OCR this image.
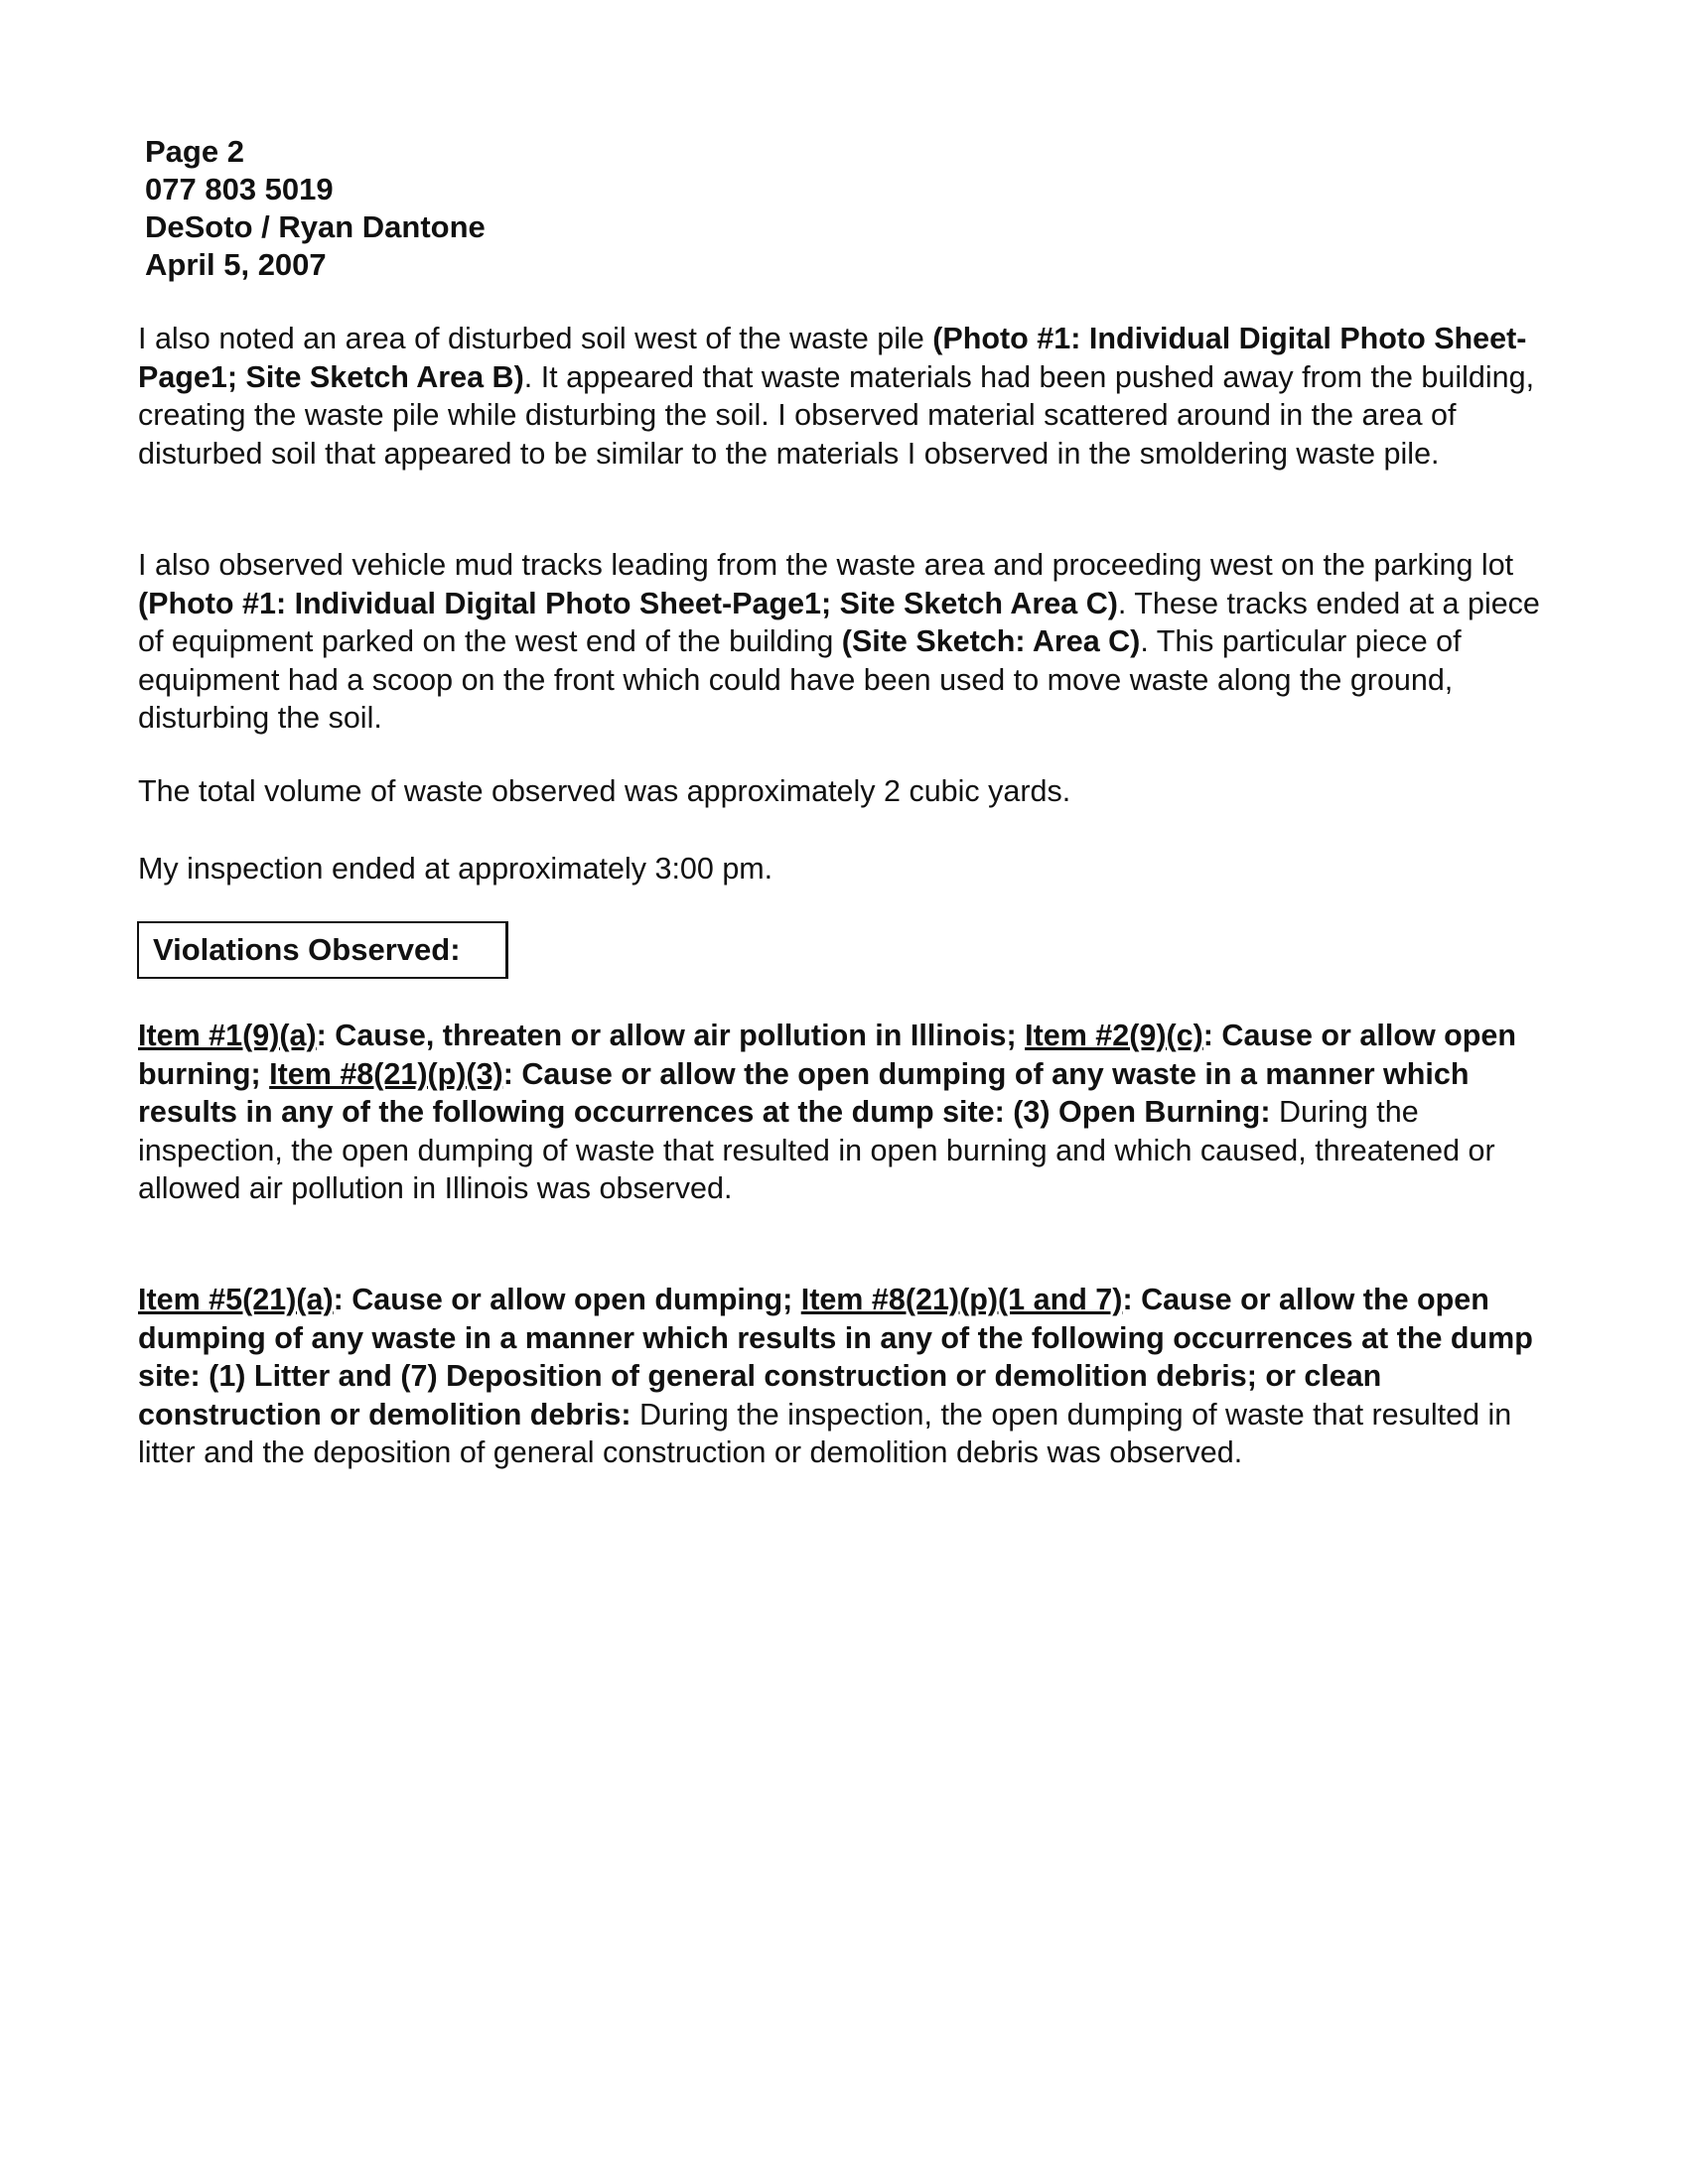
Page 2
077 803 5019
DeSoto / Ryan Dantone
April 5, 2007

I also noted an area of disturbed soil west of the waste pile (Photo #1: Individual Digital Photo Sheet-Page1; Site Sketch Area B). It appeared that waste materials had been pushed away from the building, creating the waste pile while disturbing the soil. I observed material scattered around in the area of disturbed soil that appeared to be similar to the materials I observed in the smoldering waste pile.

I also observed vehicle mud tracks leading from the waste area and proceeding west on the parking lot (Photo #1: Individual Digital Photo Sheet-Page1; Site Sketch Area C). These tracks ended at a piece of equipment parked on the west end of the building (Site Sketch: Area C). This particular piece of equipment had a scoop on the front which could have been used to move waste along the ground, disturbing the soil.

The total volume of waste observed was approximately 2 cubic yards.

My inspection ended at approximately 3:00 pm.

Violations Observed:

Item #1(9)(a): Cause, threaten or allow air pollution in Illinois; Item #2(9)(c): Cause or allow open burning; Item #8(21)(p)(3): Cause or allow the open dumping of any waste in a manner which results in any of the following occurrences at the dump site: (3) Open Burning: During the inspection, the open dumping of waste that resulted in open burning and which caused, threatened or allowed air pollution in Illinois was observed.

Item #5(21)(a): Cause or allow open dumping; Item #8(21)(p)(1 and 7): Cause or allow the open dumping of any waste in a manner which results in any of the following occurrences at the dump site: (1) Litter and (7) Deposition of general construction or demolition debris; or clean construction or demolition debris: During the inspection, the open dumping of waste that resulted in litter and the deposition of general construction or demolition debris was observed.
